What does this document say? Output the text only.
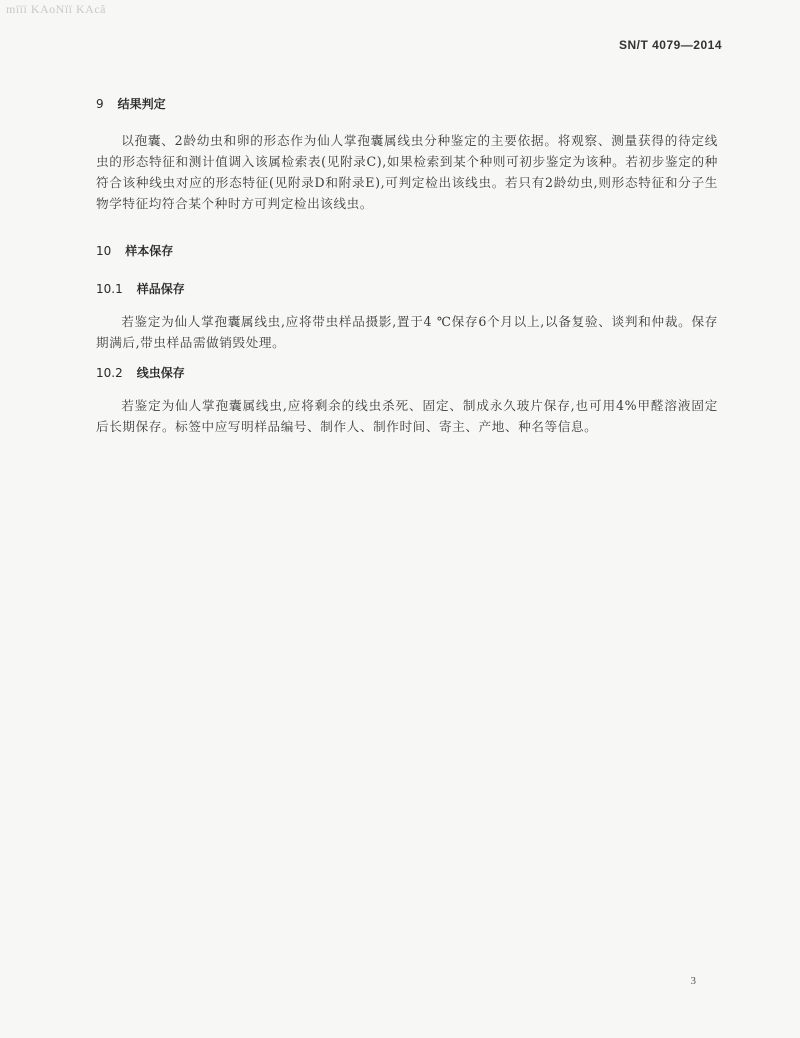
mïïï KAoNïï KAcâ
SN/T 4079—2014
9 结果判定

以孢囊、2龄幼虫和卵的形态作为仙人掌孢囊属线虫分种鉴定的主要依据。将观察、测量获得的待定线虫的形态特征和测计值调入该属检索表(见附录C),如果检索到某个种则可初步鉴定为该种。若初步鉴定的种符合该种线虫对应的形态特征(见附录D和附录E),可判定检出该线虫。若只有2龄幼虫,则形态特征和分子生物学特征均符合某个种时方可判定检出该线虫。

10 样本保存
10.1 样品保存

若鉴定为仙人掌孢囊属线虫,应将带虫样品摄影,置于4 ℃保存6个月以上,以备复验、谈判和仲裁。保存期满后,带虫样品需做销毁处理。

10.2 线虫保存

若鉴定为仙人掌孢囊属线虫,应将剩余的线虫杀死、固定、制成永久玻片保存,也可用4%甲醛溶液固定后长期保存。标签中应写明样品编号、制作人、制作时间、寄主、产地、种名等信息。

3
